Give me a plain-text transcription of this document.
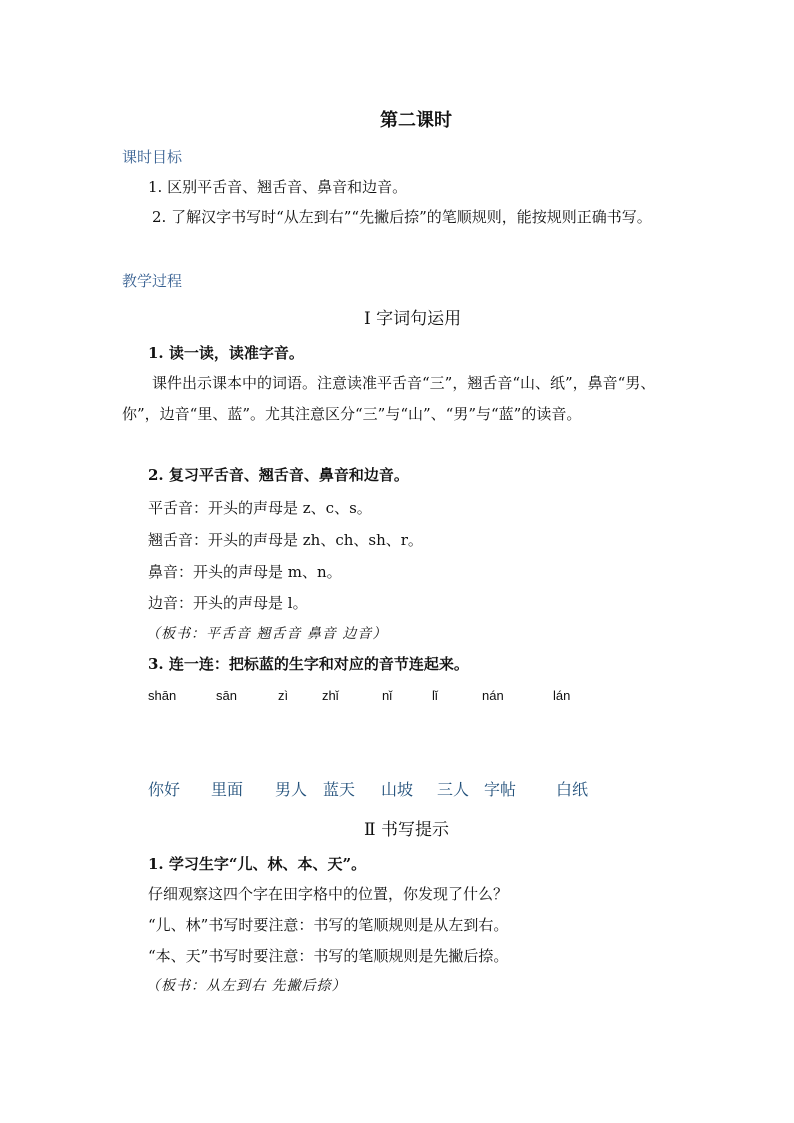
第二课时
课时目标
1. 区别平舌音、翘舌音、鼻音和边音。
2. 了解汉字书写时“从左到右”“先撇后捺”的笔顺规则，能按规则正确书写。
教学过程
Ⅰ 字词句运用
1. 读一读，读准字音。
课件出示课本中的词语。注意读准平舌音“三”，翘舌音“山、纸”，鼻音“男、你”，边音“里、蓝”。尤其注意区分“三”与“山”、“男”与“蓝”的读音。
2. 复习平舌音、翘舌音、鼻音和边音。
平舌音：开头的声母是 z、c、s。
翘舌音：开头的声母是 zh、ch、sh、r。
鼻音：开头的声母是 m、n。
边音：开头的声母是 l。
（板书：平舌音 翘舌音 鼻音 边音）
3. 连一连：把标蓝的生字和对应的音节连起来。
shān	sān	zì	zhǐ	nǐ	lǐ	nán	lán
你好 里面 男人 蓝天 山坡 三人 字帖 白纸
Ⅱ 书写提示
1. 学习生字“儿、林、本、天”。
仔细观察这四个字在田字格中的位置，你发现了什么？
“儿、林”书写时要注意：书写的笔顺规则是从左到右。
“本、天”书写时要注意：书写的笔顺规则是先撇后捺。
（板书：从左到右 先撇后捺）
